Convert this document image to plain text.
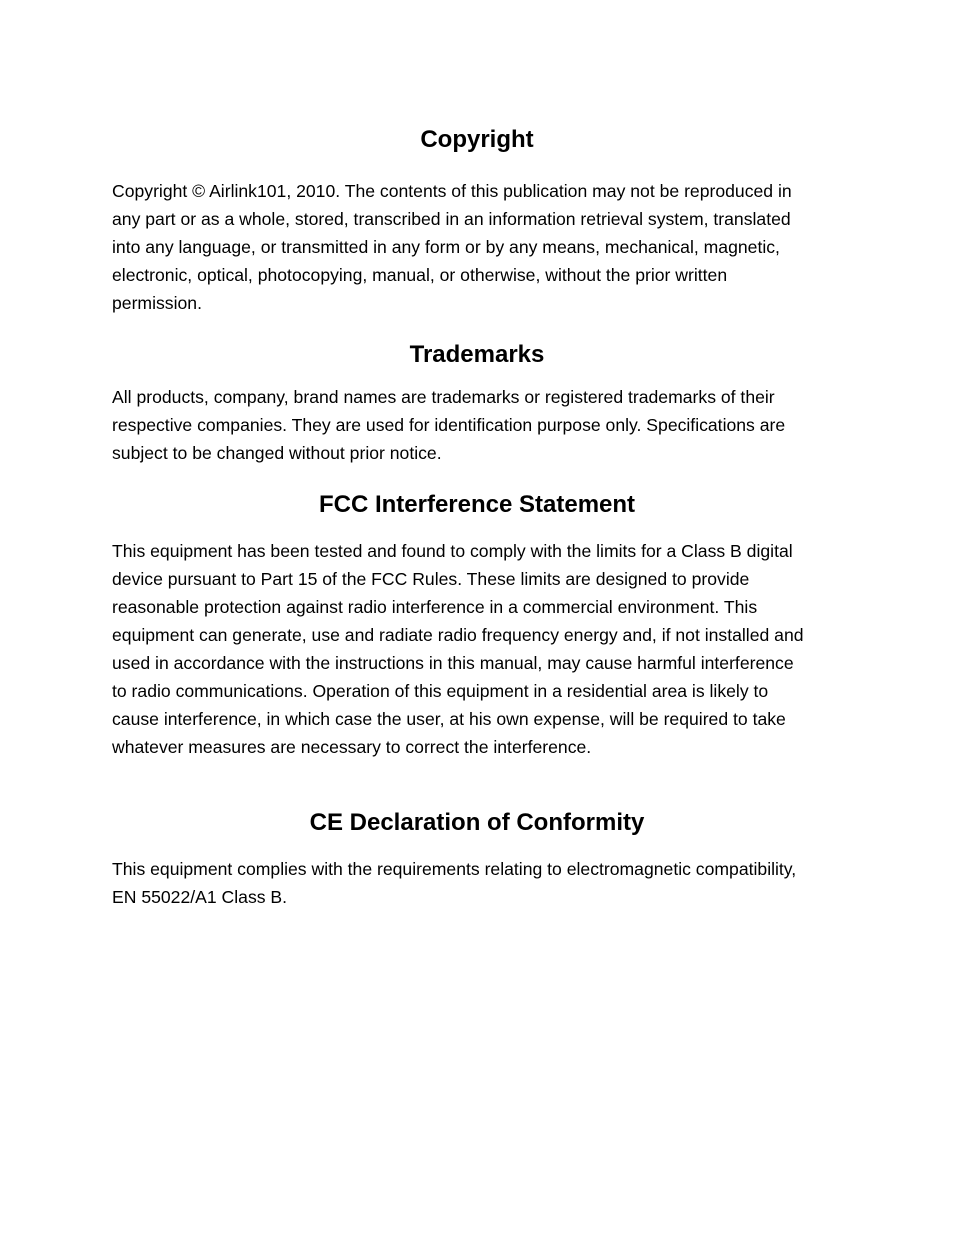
Copyright

Copyright © Airlink101, 2010. The contents of this publication may not be reproduced in
any part or as a whole, stored, transcribed in an information retrieval system, translated
into any language, or transmitted in any form or by any means, mechanical, magnetic,
electronic, optical, photocopying, manual, or otherwise, without the prior written
permission.

Trademarks

All products, company, brand names are trademarks or registered trademarks of their
respective companies. They are used for identification purpose only. Specifications are
subject to be changed without prior notice.

FCC Interference Statement

This equipment has been tested and found to comply with the limits for a Class B digital
device pursuant to Part 15 of the FCC Rules. These limits are designed to provide
reasonable protection against radio interference in a commercial environment. This
equipment can generate, use and radiate radio frequency energy and, if not installed and
used in accordance with the instructions in this manual, may cause harmful interference
to radio communications. Operation of this equipment in a residential area is likely to
cause interference, in which case the user, at his own expense, will be required to take
whatever measures are necessary to correct the interference.

CE Declaration of Conformity

This equipment complies with the requirements relating to electromagnetic compatibility,
EN 55022/A1 Class B.
